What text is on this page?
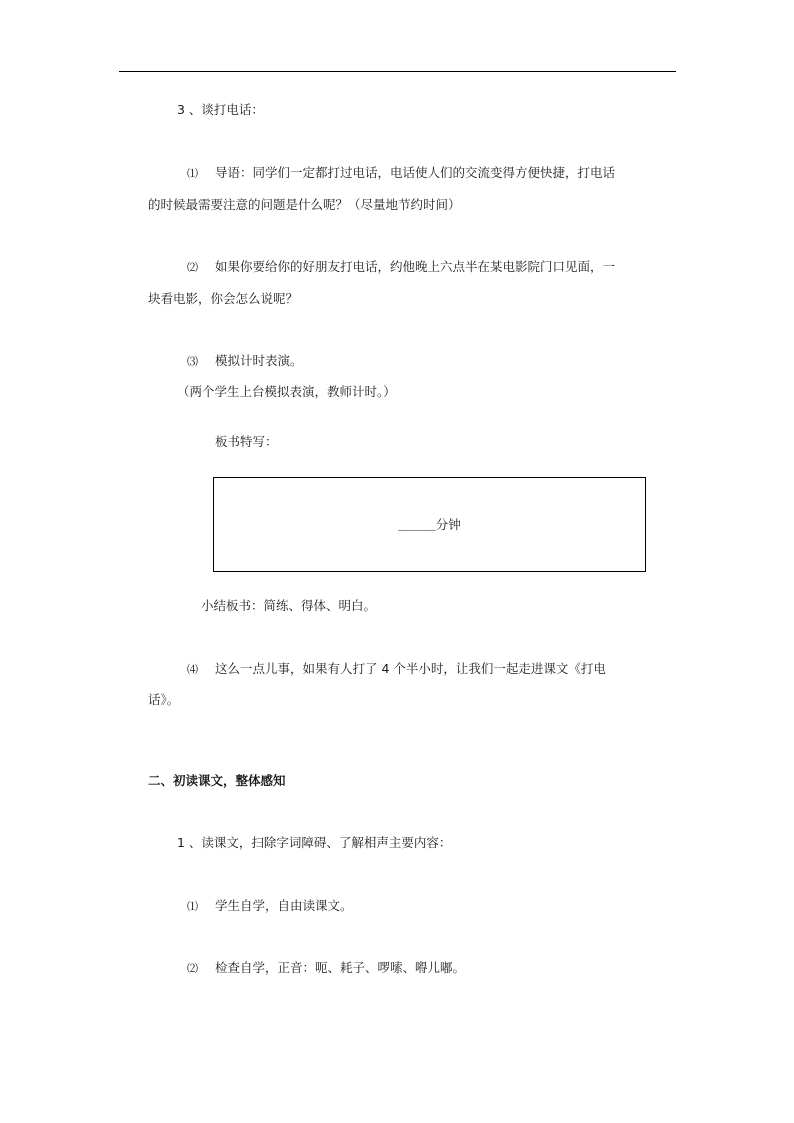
3 、谈打电话：
⑴ 导语：同学们一定都打过电话，电话使人们的交流变得方便快捷，打电话
的时候最需要注意的问题是什么呢？（尽量地节约时间）
⑵ 如果你要给你的好朋友打电话，约他晚上六点半在某电影院门口见面，一
块看电影，你会怎么说呢？
⑶ 模拟计时表演。
（两个学生上台模拟表演，教师计时。）
板书特写：
＿＿＿分钟
小结板书：简练、得体、明白。
⑷ 这么一点儿事，如果有人打了 4 个半小时，让我们一起走进课文《打电
话》。
二、初读课文，整体感知
1 、读课文，扫除字词障碍、了解相声主要内容：
⑴ 学生自学，自由读课文。
⑵ 检查自学，正音：呃、耗子、啰嗦、嘚儿嘟。
